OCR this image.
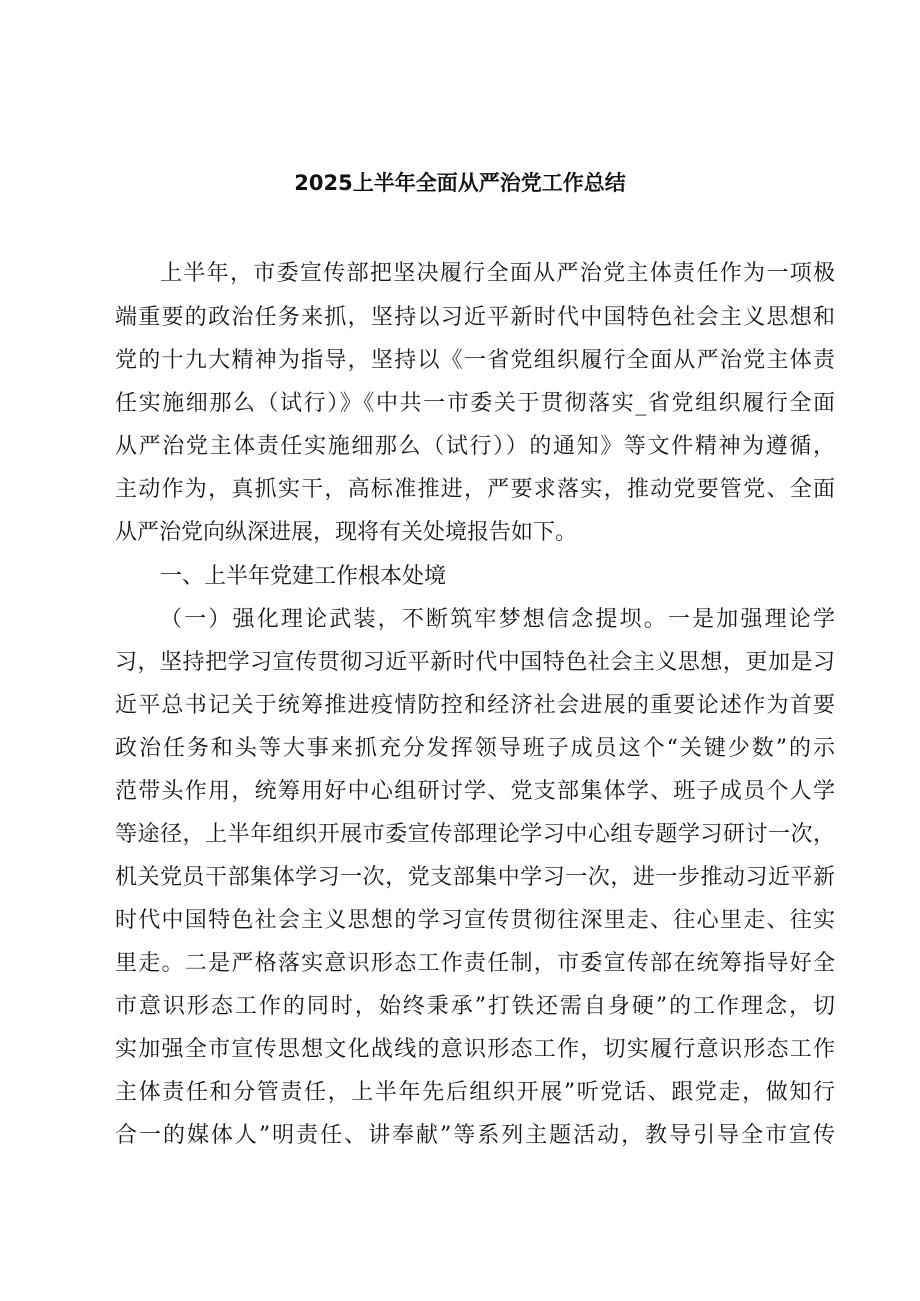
2025上半年全面从严治党工作总结
上半年，市委宣传部把坚决履行全面从严治党主体责任作为一项极
端重要的政治任务来抓，坚持以习近平新时代中国特色社会主义思想和
党的十九大精神为指导，坚持以《一省党组织履行全面从严治党主体责
任实施细那么（试行）》《中共一市委关于贯彻落实_省党组织履行全面
从严治党主体责任实施细那么（试行））的通知》等文件精神为遵循，
主动作为，真抓实干，高标准推进，严要求落实，推动党要管党、全面
从严治党向纵深进展，现将有关处境报告如下。
一、上半年党建工作根本处境
（一）强化理论武装，不断筑牢梦想信念提坝。一是加强理论学
习，坚持把学习宣传贯彻习近平新时代中国特色社会主义思想，更加是习
近平总书记关于统筹推进疫情防控和经济社会进展的重要论述作为首要
政治任务和头等大事来抓充分发挥领导班子成员这个“关键少数”的示
范带头作用，统筹用好中心组研讨学、党支部集体学、班子成员个人学
等途径，上半年组织开展市委宣传部理论学习中心组专题学习研讨一次，
机关党员干部集体学习一次，党支部集中学习一次，进一步推动习近平新
时代中国特色社会主义思想的学习宣传贯彻往深里走、往心里走、往实
里走。二是严格落实意识形态工作责任制，市委宣传部在统筹指导好全
市意识形态工作的同时，始终秉承”打铁还需自身硬”的工作理念，切
实加强全市宣传思想文化战线的意识形态工作，切实履行意识形态工作
主体责任和分管责任，上半年先后组织开展”听党话、跟党走，做知行
合一的媒体人”明责任、讲奉献”等系列主题活动，教导引导全市宣传
